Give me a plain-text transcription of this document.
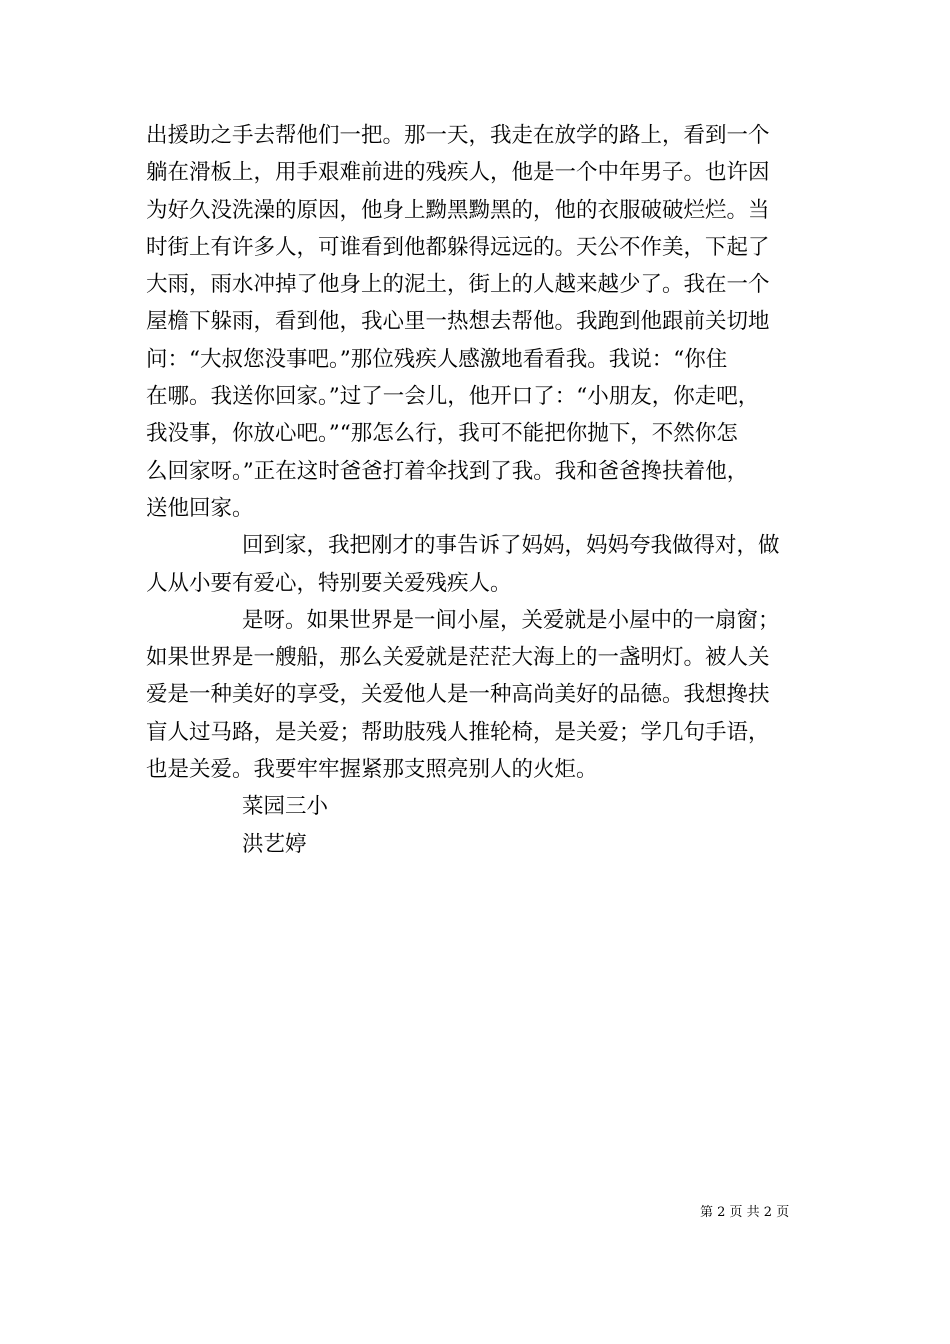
出援助之手去帮他们一把。那一天，我走在放学的路上，看到一个
躺在滑板上，用手艰难前进的残疾人，他是一个中年男子。也许因
为好久没洗澡的原因，他身上黝黑黝黑的，他的衣服破破烂烂。当
时街上有许多人，可谁看到他都躲得远远的。天公不作美，下起了
大雨，雨水冲掉了他身上的泥土，街上的人越来越少了。我在一个
屋檐下躲雨，看到他，我心里一热想去帮他。我跑到他跟前关切地
问：“大叔您没事吧。”那位残疾人感激地看看我。我说：“你住
在哪。我送你回家。”过了一会儿，他开口了：“小朋友，你走吧，
我没事，你放心吧。”“那怎么行，我可不能把你抛下，不然你怎
么回家呀。”正在这时爸爸打着伞找到了我。我和爸爸搀扶着他，
送他回家。
回到家，我把刚才的事告诉了妈妈，妈妈夸我做得对，做
人从小要有爱心，特别要关爱残疾人。
是呀。如果世界是一间小屋，关爱就是小屋中的一扇窗；
如果世界是一艘船，那么关爱就是茫茫大海上的一盏明灯。被人关
爱是一种美好的享受，关爱他人是一种高尚美好的品德。我想搀扶
盲人过马路，是关爱；帮助肢残人推轮椅，是关爱；学几句手语，
也是关爱。我要牢牢握紧那支照亮别人的火炬。
菜园三小
洪艺婷
第 2 页 共 2 页
